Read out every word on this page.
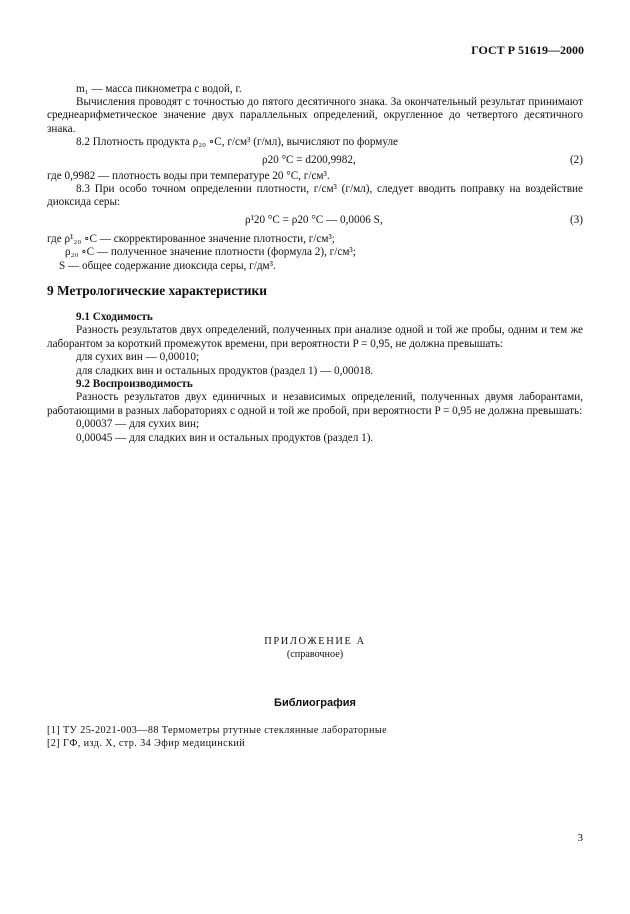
ГОСТ Р 51619—2000

m₁ — масса пикнометра с водой, г.

Вычисления проводят с точностью до пятого десятичного знака. За окончательный результат принимают среднеарифметическое значение двух параллельных определений, округленное до четвертого десятичного знака.

8.2 Плотность продукта ρ₂₀ ∘С, г/см³ (г/мл), вычисляют по формуле

ρ20 °C = d200,9982,	(2)

где 0,9982 — плотность воды при температуре 20 °С, г/см³.

8.3 При особо точном определении плотности, г/см³ (г/мл), следует вводить поправку на воздействие диоксида серы:

ρ¹20 °C = ρ20 °C — 0,0006 S,	(3)

где ρ¹₂₀ ∘С — скорректированное значение плотности, г/см³;

ρ₂₀ ∘С — полученное значение плотности (формула 2), г/см³;

S — общее содержание диоксида серы, г/дм³.

9 Метрологические характеристики

9.1 Сходимость

Разность результатов двух определений, полученных при анализе одной и той же пробы, одним и тем же лаборантом за короткий промежуток времени, при вероятности P = 0,95, не должна превышать:

для сухих вин — 0,00010;

для сладких вин и остальных продуктов (раздел 1) — 0,00018.

9.2 Воспроизводимость

Разность результатов двух единичных и независимых определений, полученных двумя лаборантами, работающими в разных лабораториях с одной и той же пробой, при вероятности P = 0,95 не должна превышать:

0,00037 — для сухих вин;

0,00045 — для сладких вин и остальных продуктов (раздел 1).

ПРИЛОЖЕНИЕ А
(справочное)
Библиография
[1] ТУ 25-2021-003—88 Термометры ртутные стеклянные лабораторные
[2] ГФ, изд. Х, стр. 34 Эфир медицинский
3
